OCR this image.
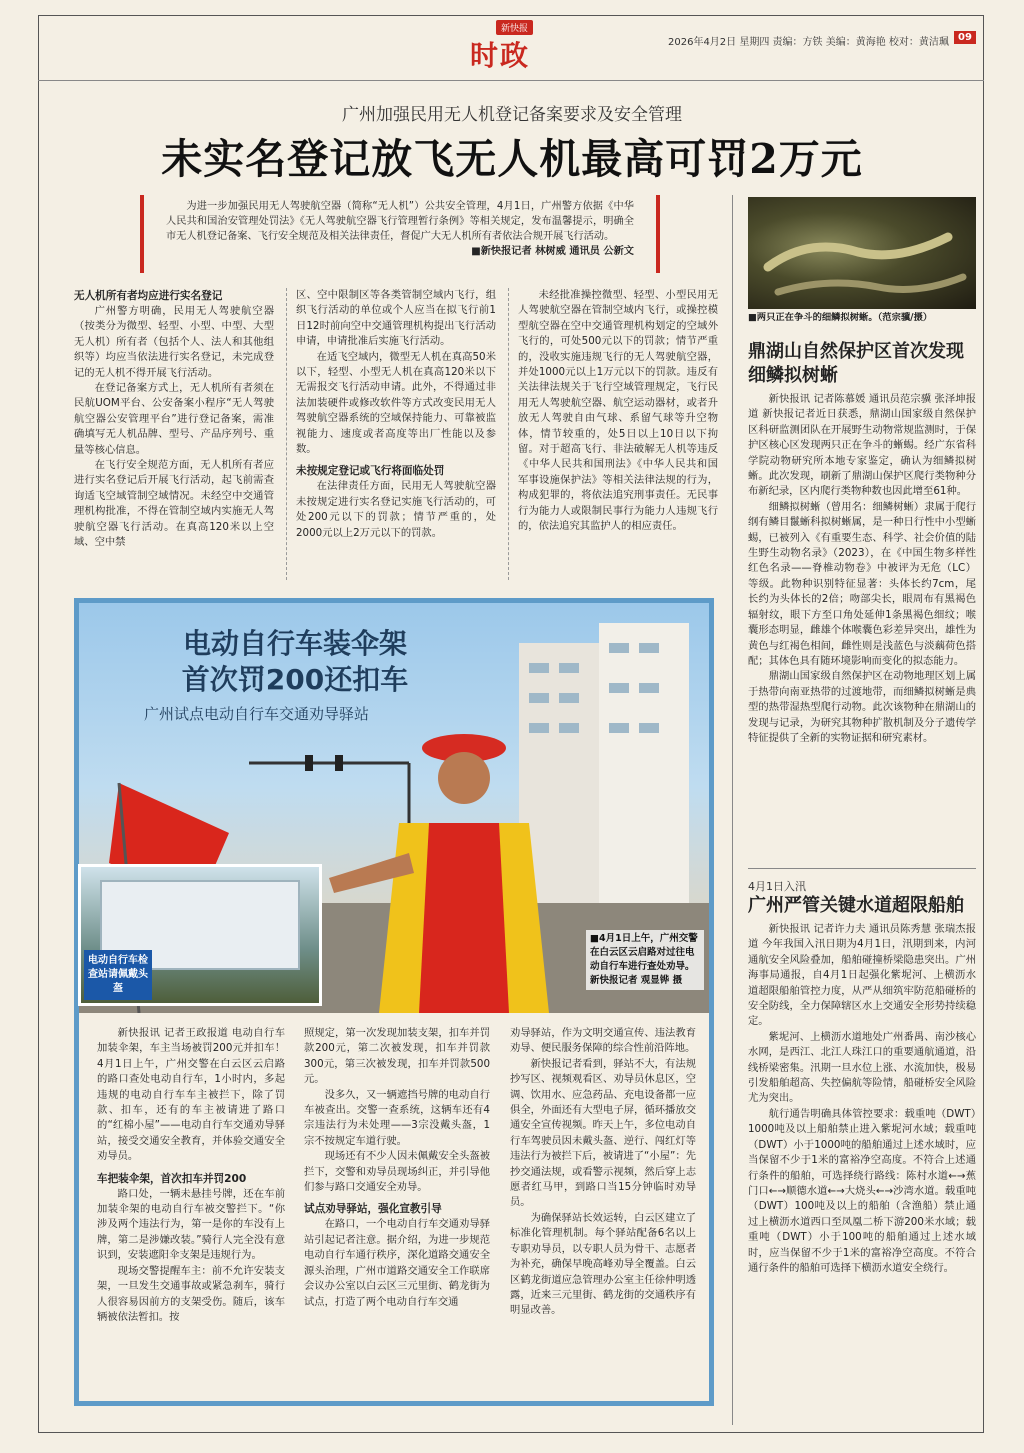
新快报
时政	2026年4月2日 星期四 责编：方铁 美编：黄海艳 校对：黄洁珮 09
广州加强民用无人机登记备案要求及安全管理
未实名登记放飞无人机最高可罚2万元

为进一步加强民用无人驾驶航空器（简称“无人机”）公共安全管理，4月1日，广州警方依据《中华人民共和国治安管理处罚法》《无人驾驶航空器飞行管理暂行条例》等相关规定，发布温馨提示，明确全市无人机登记备案、飞行安全规范及相关法律责任，督促广大无人机所有者依法合规开展飞行活动。

■新快报记者 林树威 通讯员 公新文

无人机所有者均应进行实名登记

广州警方明确，民用无人驾驶航空器（按类分为微型、轻型、小型、中型、大型无人机）所有者（包括个人、法人和其他组织等）均应当依法进行实名登记，未完成登记的无人机不得开展飞行活动。

在登记备案方式上，无人机所有者须在民航UOM平台、公安备案小程序“无人驾驶航空器公安管理平台”进行登记备案，需准确填写无人机品牌、型号、产品序列号、重量等核心信息。

在飞行安全规范方面，无人机所有者应进行实名登记后开展飞行活动，起飞前需查询适飞空域管制空域情况。未经空中交通管理机构批准，不得在管制空域内实施无人驾驶航空器飞行活动。在真高120米以上空域、空中禁

区、空中限制区等各类管制空域内飞行，组织飞行活动的单位或个人应当在拟飞行前1日12时前向空中交通管理机构提出飞行活动申请，申请批准后实施飞行活动。

在适飞空域内，微型无人机在真高50米以下，轻型、小型无人机在真高120米以下无需报交飞行活动申请。此外，不得通过非法加装硬件或修改软件等方式改变民用无人驾驶航空器系统的空域保持能力、可靠被监视能力、速度或者高度等出厂性能以及参数。

未按规定登记或飞行将面临处罚

在法律责任方面，民用无人驾驶航空器未按规定进行实名登记实施飞行活动的，可处200元以下的罚款；情节严重的，处2000元以上2万元以下的罚款。

未经批准操控微型、轻型、小型民用无人驾驶航空器在管制空域内飞行，或操控模型航空器在空中交通管理机构划定的空域外飞行的，可处500元以下的罚款；情节严重的，没收实施违规飞行的无人驾驶航空器，并处1000元以上1万元以下的罚款。违反有关法律法规关于飞行空域管理规定，飞行民用无人驾驶航空器、航空运动器材，或者升放无人驾驶自由气球、系留气球等升空物体，情节较重的，处5日以上10日以下拘留。对于超高飞行、非法破解无人机等违反《中华人民共和国刑法》《中华人民共和国军事设施保护法》等相关法律法规的行为，构成犯罪的，将依法追究刑事责任。无民事行为能力人或限制民事行为能力人违规飞行的，依法追究其监护人的相应责任。

电动自行车装伞架
首次罚200还扣车
广州试点电动自行车交通劝导驿站
电动自行车检查站请佩戴头盔
■4月1日上午，广州交警在白云区云启路对过往电动自行车进行查处劝导。 新快报记者 观显铧 摄

新快报讯 记者王政报道 电动自行车加装伞架，车主当场被罚200元并扣车！4月1日上午，广州交警在白云区云启路的路口查处电动自行车，1小时内，多起违规的电动自行车车主被拦下，除了罚款、扣车，还有的车主被请进了路口的“红棉小屋”——电动自行车交通劝导驿站，接受交通安全教育，并体验交通安全劝导员。

车把装伞架，首次扣车并罚200

路口处，一辆未悬挂号牌，还在车前加装伞架的电动自行车被交警拦下。“你涉及两个违法行为，第一是你的车没有上牌，第二是涉嫌改装。”骑行人完全没有意识到，安装遮阳伞支架是违规行为。

现场交警提醒车主：前不允许安装支架，一旦发生交通事故或紧急刹车，骑行人很容易因前方的支架受伤。随后，该车辆被依法暂扣。按

照规定，第一次发现加装支架，扣车并罚款200元，第二次被发现，扣车并罚款300元，第三次被发现，扣车并罚款500元。

没多久，又一辆遮挡号牌的电动自行车被查出。交警一查系统，这辆车还有4宗违法行为未处理——3宗没戴头盔，1宗不按规定车道行驶。

现场还有不少人因未佩戴安全头盔被拦下，交警和劝导员现场纠正，并引导他们参与路口交通安全劝导。

试点劝导驿站，强化宣教引导

在路口，一个电动自行车交通劝导驿站引起记者注意。据介绍，为进一步规范电动自行车通行秩序，深化道路交通安全源头治理，广州市道路交通安全工作联席会议办公室以白云区三元里街、鹤龙街为试点，打造了两个电动自行车交通

劝导驿站，作为文明交通宣传、违法教育劝导、便民服务保障的综合性前沿阵地。

新快报记者看到，驿站不大，有法规抄写区、视频观看区、劝导员休息区，空调、饮用水、应急药品、充电设备都一应俱全，外面还有大型电子屏，循环播放交通安全宣传视频。昨天上午，多位电动自行车驾驶员因未戴头盔、逆行、闯红灯等违法行为被拦下后，被请进了“小屋”：先抄交通法规，或看警示视频，然后穿上志愿者红马甲，到路口当15分钟临时劝导员。

为确保驿站长效运转，白云区建立了标准化管理机制。每个驿站配备6名以上专职劝导员，以专职人员为骨干、志愿者为补充，确保早晚高峰劝导全覆盖。白云区鹤龙街道应急管理办公室主任徐仲明透露，近来三元里街、鹤龙街的交通秩序有明显改善。

■两只正在争斗的细鳞拟树蜥。（范宗骥/摄）
鼎湖山自然保护区首次发现细鳞拟树蜥

新快报讯 记者陈慕媛 通讯员范宗骥 张泽坤报道 新快报记者近日获悉，鼎湖山国家级自然保护区科研监测团队在开展野生动物常规监测时，于保护区核心区发现两只正在争斗的蜥蜴。经广东省科学院动物研究所本地专家鉴定，确认为细鳞拟树蜥。此次发现，刷新了鼎湖山保护区爬行类物种分布新纪录，区内爬行类物种数也因此增至61种。

细鳞拟树蜥（曾用名：细鳞树蜥）隶属于爬行纲有鳞目鬣蜥科拟树蜥属，是一种日行性中小型蜥蜴，已被列入《有重要生态、科学、社会价值的陆生野生动物名录》（2023），在《中国生物多样性红色名录——脊椎动物卷》中被评为无危（LC）等级。此物种识别特征显著：头体长约7cm，尾长约为头体长的2倍；吻部尖长，眼周布有黑褐色辐射纹，眼下方至口角处延伸1条黑褐色细纹；喉囊形态明显，雌雄个体喉囊色彩差异突出，雄性为黄色与红褐色相间，雌性则是浅蓝色与淡藕荷色搭配；其体色具有随环境影响而变化的拟态能力。

鼎湖山国家级自然保护区在动物地理区划上属于热带向南亚热带的过渡地带，而细鳞拟树蜥是典型的热带湿热型爬行动物。此次该物种在鼎湖山的发现与记录，为研究其物种扩散机制及分子遗传学特征提供了全新的实物证据和研究素材。

4月1日入汛
广州严管关键水道超限船舶

新快报讯 记者许力夫 通讯员陈秀慧 张瑞杰报道 今年我国入汛日期为4月1日，汛期到来，内河通航安全风险叠加，船舶碰撞桥梁隐患突出。广州海事局通报，自4月1日起强化紫坭河、上横沥水道超限船舶管控力度，从严从细筑牢防范船碰桥的安全防线，全力保障辖区水上交通安全形势持续稳定。

紫坭河、上横沥水道地处广州番禺、南沙核心水网，是西江、北江人珠江口的重要通航通道，沿线桥梁密集。汛期一旦水位上涨、水流加快，极易引发船舶超高、失控偏航等险情，船碰桥安全风险尤为突出。

航行通告明确具体管控要求：载重吨（DWT）1000吨及以上船舶禁止进入紫坭河水域；载重吨（DWT）小于1000吨的船舶通过上述水域时，应当保留不少于1米的富裕净空高度。不符合上述通行条件的船舶，可选择绕行路线：陈村水道←→蕉门口←→顺德水道←→大烧头←→沙湾水道。载重吨（DWT）100吨及以上的船舶（含渔船）禁止通过上横沥水道西口至凤凰二桥下游200米水域；载重吨（DWT）小于100吨的船舶通过上述水域时，应当保留不少于1米的富裕净空高度。不符合通行条件的船舶可选择下横沥水道安全绕行。
